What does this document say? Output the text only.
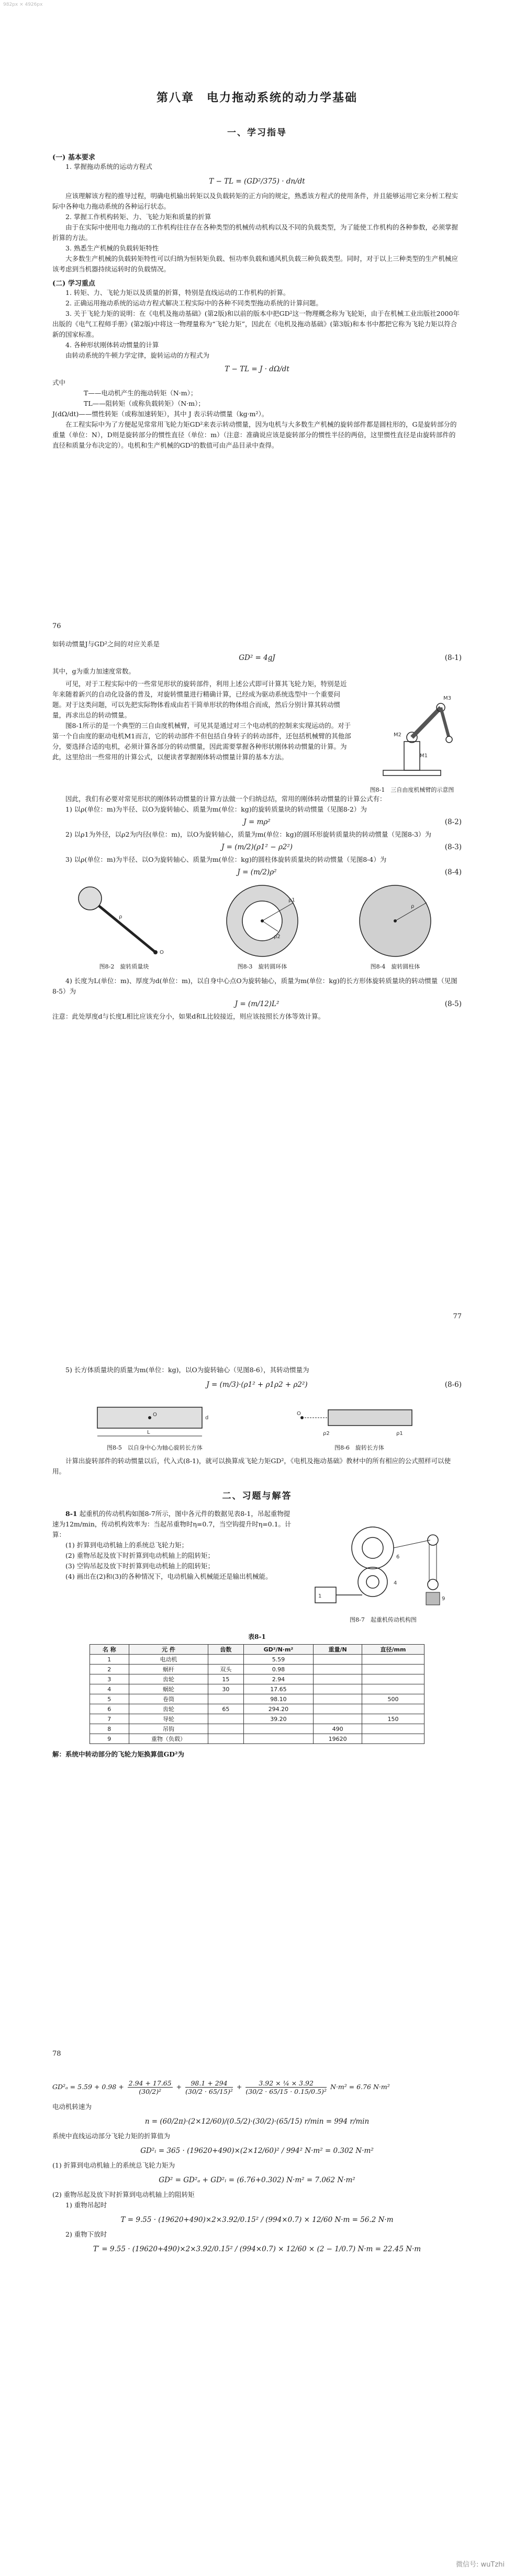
982px × 4926px
第八章　电力拖动系统的动力学基础
一、学习指导
(一) 基本要求

1. 掌握拖动系统的运动方程式

T − TL = (GD²/375) · dn/dt

应该理解该方程的推导过程，明确电机输出转矩以及负载转矩的正方向的规定，熟悉该方程式的使用条件，并且能够运用它来分析工程实际中各种电力拖动系统的各种运行状态。

2. 掌握工作机构转矩、力、飞轮力矩和质量的折算

由于在实际中使用电力拖动的工作机构往往存在各种类型的机械传动机构以及不同的负载类型，为了能使工作机构的各种参数，必须掌握折算的方法。

3. 熟悉生产机械的负载转矩特性

大多数生产机械的负载转矩特性可以归纳为恒转矩负载、恒功率负载和通风机负载三种负载类型。同时，对于以上三种类型的生产机械应该考虑到当机器持续运转时的负载情况。

(二) 学习重点

1. 转矩、力、飞轮力矩以及质量的折算，特别是直线运动的工作机构的折算。

2. 正确运用拖动系统的运动方程式解决工程实际中的各种不同类型拖动系统的计算问题。

3. 关于飞轮力矩的说明：在《电机及拖动基础》(第2版)和以前的版本中把GD²这一物理概念称为飞轮矩，由于在机械工业出版社2000年出版的《电气工程师手册》(第2版)中将这一物理量称为“飞轮力矩”，因此在《电机及拖动基础》(第3版)和本书中都把它称为飞轮力矩以符合新的国家标准。

4. 各种形状刚体转动惯量的计算

由转动系统的牛顿力学定律，旋转运动的方程式为

T − TL = J · dΩ/dt

式中

T——电动机产生的拖动转矩（N·m）；

TL——阻转矩（或称负载转矩）（N·m）；

J(dΩ/dt)——惯性转矩（或称加速转矩），其中 J 表示转动惯量（kg·m²）。

在工程实际中为了方便起见常常用飞轮力矩GD²来表示转动惯量，因为电机与大多数生产机械的旋转部件都是圆柱形的，G是旋转部分的重量（单位：N），D则是旋转部分的惯性直径（单位：m）（注意：准确说应该是旋转部分的惯性半径的两倍，这里惯性直径是由旋转部件的直径和质量分布决定的）。电机和生产机械的GD²的数值可由产品目录中查得。

76

如转动惯量J与GD²之间的对应关系是

GD² = 4gJ	(8-1)

其中，g为重力加速度常数。

可见，对于工程实际中的一些常见形状的旋转部件，利用上述公式即可计算其飞轮力矩，特别是近年来随着新兴的自动化设备的普及，对旋转惯量进行精确计算，已经成为驱动系统选型中一个重要问题。对于这类问题，可以先把实际物体看成由若干简单形状的物体组合而成，然后分别计算其转动惯量，再求出总的转动惯量。

图8-1所示的是一个典型的三自由度机械臂，可见其是通过对三个电动机的控制来实现运动的。对于第一个自由度的驱动电机M1而言，它的转动部件不但包括自身转子的转动部件，还包括机械臂的其他部分，要选择合适的电机，必须计算各部分的转动惯量，因此需要掌握各种形状刚体转动惯量的计算。为此，这里给出一些常用的计算公式，以便读者掌握刚体转动惯量计算的基本方法。	M1
M2
M3
图8-1　三自由度机械臂的示意图

因此，我们有必要对常见形状的刚体转动惯量的计算方法做一个归纳总结，常用的刚体转动惯量的计算公式有：

1) 以ρ(单位：m)为半径、以O为旋转轴心、质量为m(单位：kg)的旋转质量块的转动惯量（见图8-2）为

J = mρ²	(8-2)

2) 以ρ1为外径，以ρ2为内径(单位：m)，以O为旋转轴心，质量为m(单位：kg)的圆环形旋转质量块的转动惯量（见图8-3）为

J = (m/2)(ρ1² − ρ2²)	(8-3)

3) 以ρ(单位：m)为半径、以O为旋转轴心、质量为m(单位：kg)的圆柱体旋转质量块的转动惯量（见图8-4）为

J = (m/2)ρ²	(8-4)
O
ρ
图8-2　旋转质量块
ρ1
ρ2
图8-3　旋转圆环体
ρ
图8-4　旋转圆柱体

4) 长度为L(单位：m)、厚度为d(单位：m)，以自身中心点O为旋转轴心，质量为m(单位：kg)的长方形体旋转质量块的转动惯量（见图8-5）为

J = (m/12)L²	(8-5)

注意：此处厚度d与长度L相比应该充分小，如果d和L比较接近，则应该按照长方体等效计算。

77

5) 长方体质量块的质量为m(单位：kg)，以O为旋转轴心（见图8-6），其转动惯量为

J = (m/3)·(ρ1² + ρ1ρ2 + ρ2²)	(8-6)
O
L
d
图8-5　以自身中心为轴心旋转长方体
O
ρ2	ρ1
图8-6　旋转长方体

计算出旋转部件的转动惯量以后，代入式(8-1)，就可以换算成飞轮力矩GD²，《电机及拖动基础》教材中的所有相应的公式照样可以使用。

二、习题与解答

8-1 起重机的传动机构如图8-7所示，图中各元件的数据见表8-1，吊起重物提速为12m/min，传动机构效率为：当起吊重物时η=0.7，当空钩提升时η=0.1。计算：

(1) 折算到电动机轴上的系统总飞轮力矩；

(2) 重物吊起及放下时折算到电动机轴上的阻转矩；

(3) 空钩吊起及放下时折算到电动机轴上的阻转矩；

(4) 画出在(2)和(3)的各种情况下，电动机输入机械能还是输出机械能。

1
4
6
9
图8-7　起重机传动机构图
表8-1
名 称	元 件	齿数	GD²/N·m²	重量/N	直径/mm
1	电动机		5.59		
2	蜗杆	双头	0.98		
3	齿轮	15	2.94		
4	蜗轮	30	17.65		
5	卷筒		98.10		500
6	齿轮	65	294.20		
7	导轮		39.20		150
8	吊钩			490	
9	重物（负载）			19620	

解：系统中转动部分的飞轮力矩换算值GD²为

78
$GD^2_a = 5.59 + 0.98 + \frac{2.94 + 17.65}{\text{(30/2)²}} + \frac{98.1 + 294}{\text{(30/2 · 65/15)²}} + \frac{\text{3.92 × ¼ × 3.92}}{\text{(30/2 · 65/15 · 0.15/0.5)²}} N\cdot m^2 = 6.76$ N·m²

电动机转速为

n = (60/2π)·(2×12/60)/(0.5/2)·(30/2)·(65/15) r/min = 994 r/min

系统中直线运动部分飞轮力矩的折算值为

GD²ₗ = 365 · (19620+490)×(2×12/60)² / 994² N·m² = 0.302 N·m²

(1) 折算到电动机轴上的系统总飞轮力矩为

GD² = GD²ₐ + GD²ₗ = (6.76+0.302) N·m² = 7.062 N·m²

(2) 重物吊起及放下时折算到电动机轴上的阻转矩

1) 重物吊起时

T = 9.55 · (19620+490)×2×3.92/0.15² / (994×0.7) × 12/60 N·m = 56.2 N·m

2) 重物下放时

T′ = 9.55 · (19620+490)×2×3.92/0.15² / (994×0.7) × 12/60 × (2 − 1/0.7) N·m = 22.45 N·m
微信号: wuTzhi
